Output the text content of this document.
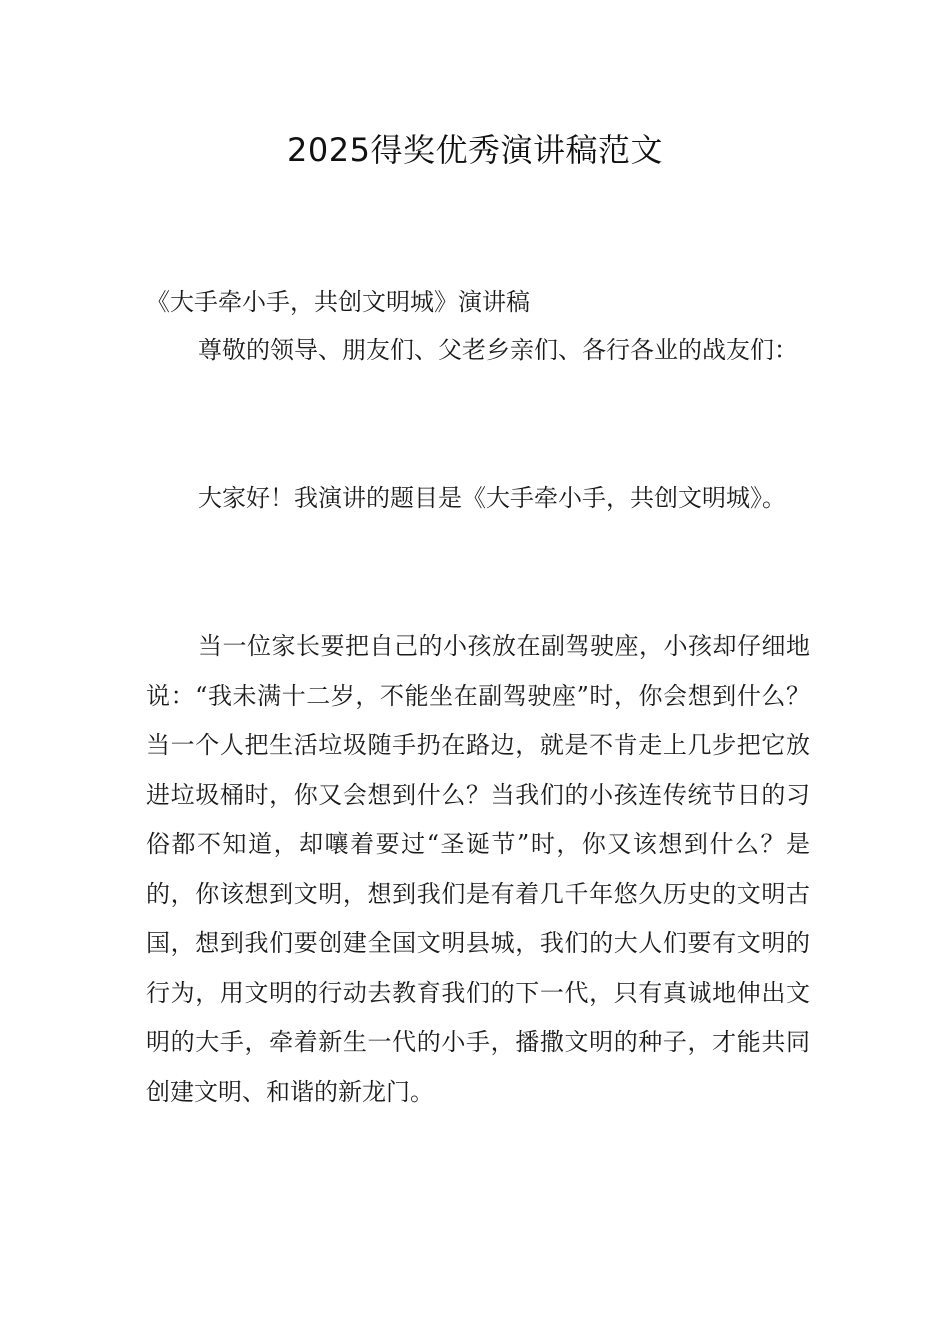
2025得奖优秀演讲稿范文

《大手牵小手，共创文明城》演讲稿

尊敬的领导、朋友们、父老乡亲们、各行各业的战友们：

大家好！我演讲的题目是《大手牵小手，共创文明城》。

当一位家长要把自己的小孩放在副驾驶座，小孩却仔细地说：“我未满十二岁，不能坐在副驾驶座”时，你会想到什么？当一个人把生活垃圾随手扔在路边，就是不肯走上几步把它放进垃圾桶时，你又会想到什么？当我们的小孩连传统节日的习俗都不知道，却嚷着要过“圣诞节”时，你又该想到什么？是的，你该想到文明，想到我们是有着几千年悠久历史的文明古国，想到我们要创建全国文明县城，我们的大人们要有文明的行为，用文明的行动去教育我们的下一代，只有真诚地伸出文明的大手，牵着新生一代的小手，播撒文明的种子，才能共同创建文明、和谐的新龙门。
